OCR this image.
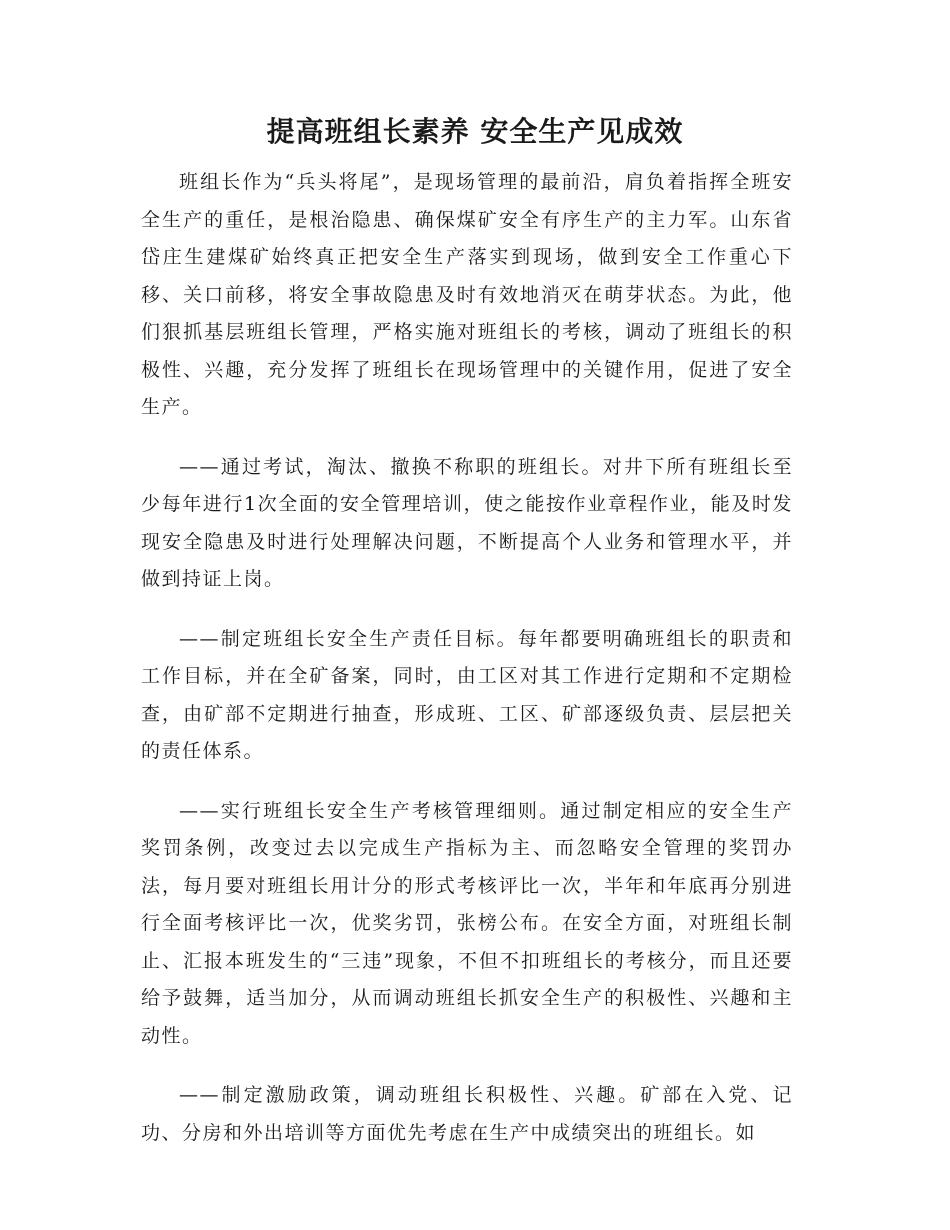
提高班组长素养 安全生产见成效

班组长作为“兵头将尾”，是现场管理的最前沿，肩负着指挥全班安全生产的重任，是根治隐患、确保煤矿安全有序生产的主力军。山东省岱庄生建煤矿始终真正把安全生产落实到现场，做到安全工作重心下移、关口前移，将安全事故隐患及时有效地消灭在萌芽状态。为此，他们狠抓基层班组长管理，严格实施对班组长的考核，调动了班组长的积极性、兴趣，充分发挥了班组长在现场管理中的关键作用，促进了安全生产。

——通过考试，淘汰、撤换不称职的班组长。对井下所有班组长至少每年进行1次全面的安全管理培训，使之能按作业章程作业，能及时发现安全隐患及时进行处理解决问题，不断提高个人业务和管理水平，并做到持证上岗。

——制定班组长安全生产责任目标。每年都要明确班组长的职责和工作目标，并在全矿备案，同时，由工区对其工作进行定期和不定期检查，由矿部不定期进行抽查，形成班、工区、矿部逐级负责、层层把关的责任体系。

——实行班组长安全生产考核管理细则。通过制定相应的安全生产奖罚条例，改变过去以完成生产指标为主、而忽略安全管理的奖罚办法，每月要对班组长用计分的形式考核评比一次，半年和年底再分别进行全面考核评比一次，优奖劣罚，张榜公布。在安全方面，对班组长制止、汇报本班发生的“三违”现象，不但不扣班组长的考核分，而且还要给予鼓舞，适当加分，从而调动班组长抓安全生产的积极性、兴趣和主动性。

——制定激励政策，调动班组长积极性、兴趣。矿部在入党、记功、分房和外出培训等方面优先考虑在生产中成绩突出的班组长。如
